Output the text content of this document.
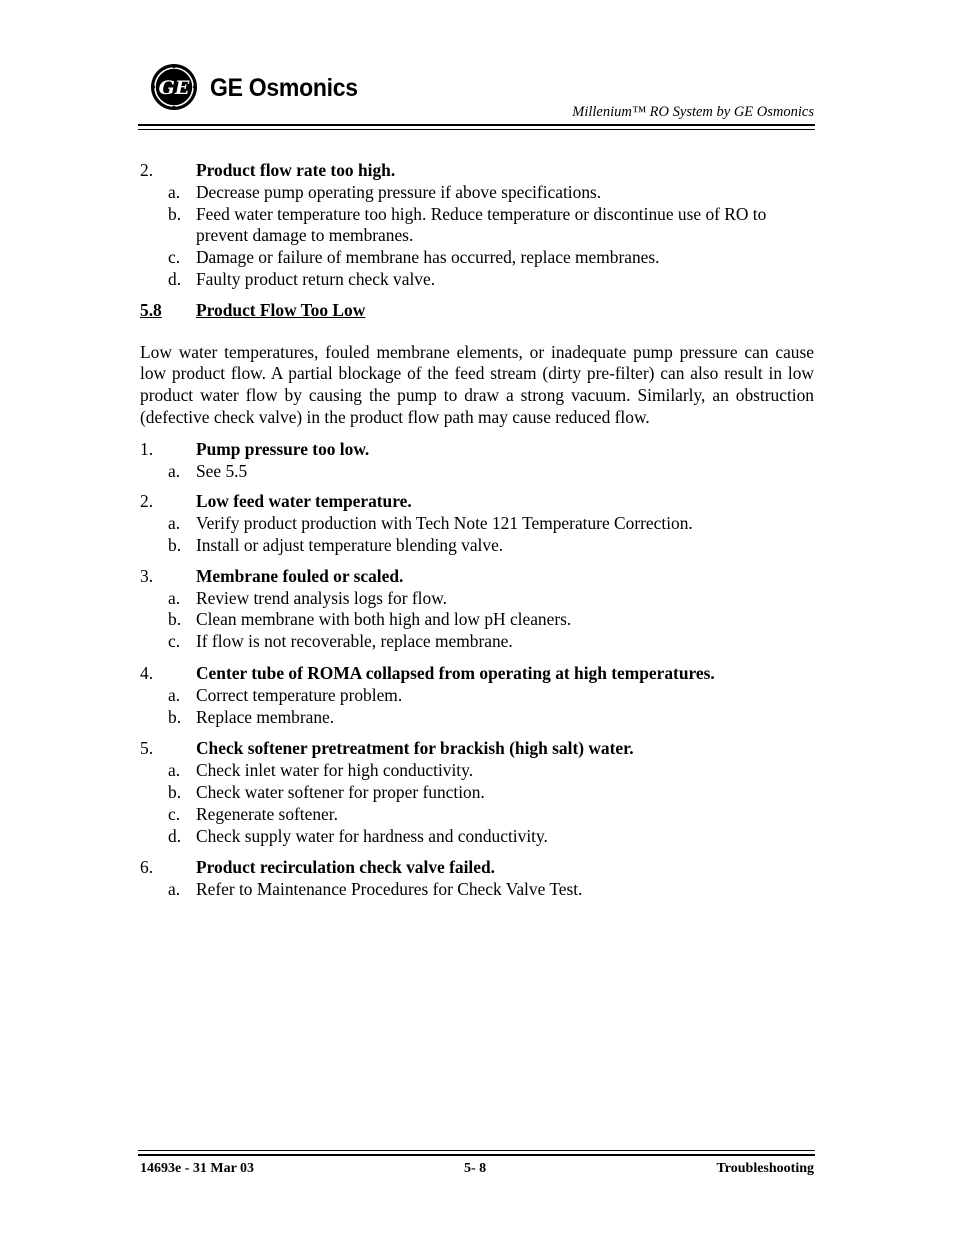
GE GE Osmonics
Millenium™ RO System by GE Osmonics
2.	Product flow rate too high.
a. Decrease pump operating pressure if above specifications.
b. Feed water temperature too high. Reduce temperature or discontinue use of RO to prevent damage to membranes.
c. Damage or failure of membrane has occurred, replace membranes.
d. Faulty product return check valve.
5.8	Product Flow Too Low
Low water temperatures, fouled membrane elements, or inadequate pump pressure can cause low product flow. A partial blockage of the feed stream (dirty pre-filter) can also result in low product water flow by causing the pump to draw a strong vacuum. Similarly, an obstruction (defective check valve) in the product flow path may cause reduced flow.
1.	Pump pressure too low.
a. See 5.5
2.	Low feed water temperature.
a. Verify product production with Tech Note 121 Temperature Correction.
b. Install or adjust temperature blending valve.
3.	Membrane fouled or scaled.
a. Review trend analysis logs for flow.
b. Clean membrane with both high and low pH cleaners.
c. If flow is not recoverable, replace membrane.
4.	Center tube of ROMA collapsed from operating at high temperatures.
a. Correct temperature problem.
b. Replace membrane.
5.	Check softener pretreatment for brackish (high salt) water.
a. Check inlet water for high conductivity.
b. Check water softener for proper function.
c. Regenerate softener.
d. Check supply water for hardness and conductivity.
6.	Product recirculation check valve failed.
a. Refer to Maintenance Procedures for Check Valve Test.
14693e - 31 Mar 03	5- 8	Troubleshooting
